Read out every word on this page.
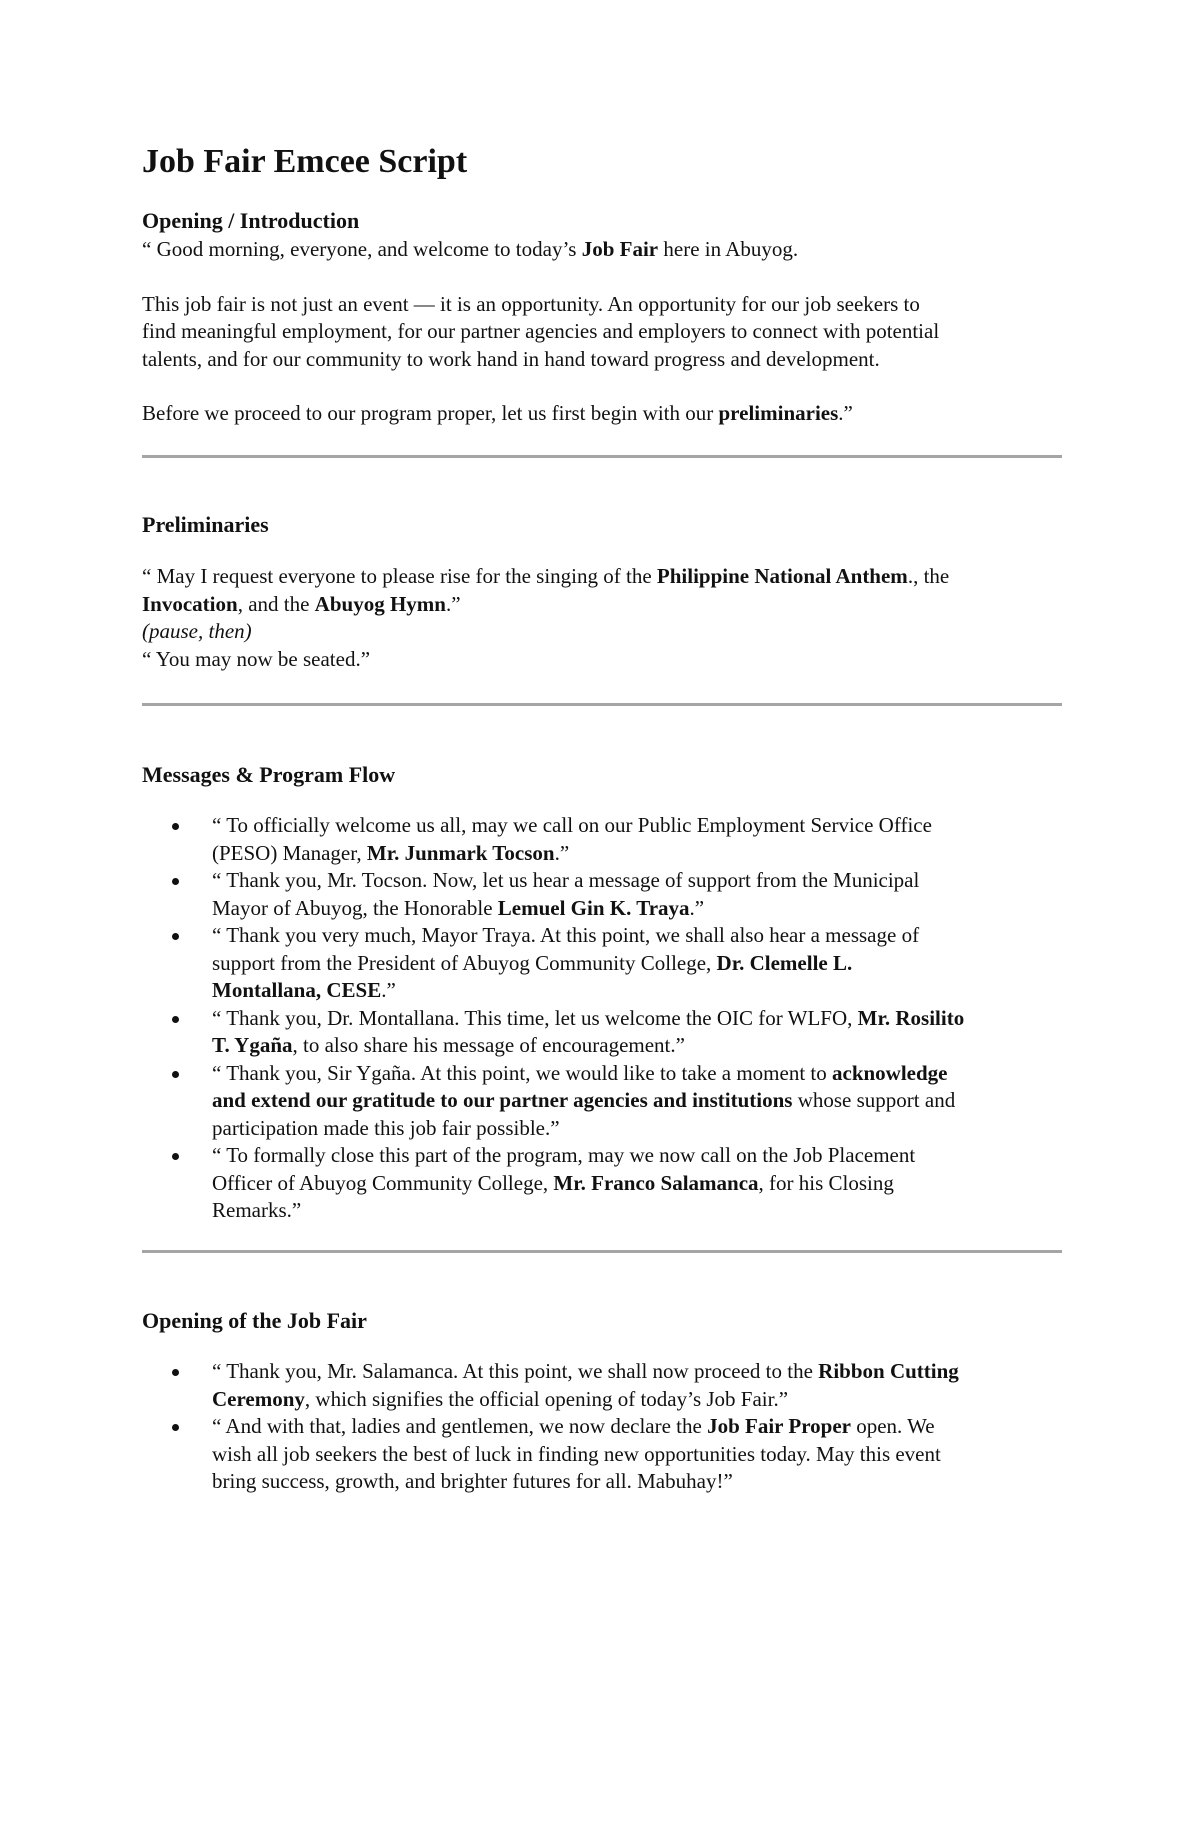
Job Fair Emcee Script
Opening / Introduction

“ Good morning, everyone, and welcome to today’s Job Fair here in Abuyog.

This job fair is not just an event — it is an opportunity. An opportunity for our job seekers to
find meaningful employment, for our partner agencies and employers to connect with potential
talents, and for our community to work hand in hand toward progress and development.

Before we proceed to our program proper, let us first begin with our preliminaries.”

Preliminaries

“ May I request everyone to please rise for the singing of the Philippine National Anthem., the
Invocation, and the Abuyog Hymn.”
(pause, then)
“ You may now be seated.”

Messages & Program Flow
“ To officially welcome us all, may we call on our Public Employment Service Office
(PESO) Manager, Mr. Junmark Tocson.”
“ Thank you, Mr. Tocson. Now, let us hear a message of support from the Municipal
Mayor of Abuyog, the Honorable Lemuel Gin K. Traya.”
“ Thank you very much, Mayor Traya. At this point, we shall also hear a message of
support from the President of Abuyog Community College, Dr. Clemelle L.
Montallana, CESE.”
“ Thank you, Dr. Montallana. This time, let us welcome the OIC for WLFO, Mr. Rosilito
T. Ygaña, to also share his message of encouragement.”
“ Thank you, Sir Ygaña. At this point, we would like to take a moment to acknowledge
and extend our gratitude to our partner agencies and institutions whose support and
participation made this job fair possible.”
“ To formally close this part of the program, may we now call on the Job Placement
Officer of Abuyog Community College, Mr. Franco Salamanca, for his Closing
Remarks.”
Opening of the Job Fair
“ Thank you, Mr. Salamanca. At this point, we shall now proceed to the Ribbon Cutting
Ceremony, which signifies the official opening of today’s Job Fair.”
“ And with that, ladies and gentlemen, we now declare the Job Fair Proper open. We
wish all job seekers the best of luck in finding new opportunities today. May this event
bring success, growth, and brighter futures for all. Mabuhay!”
